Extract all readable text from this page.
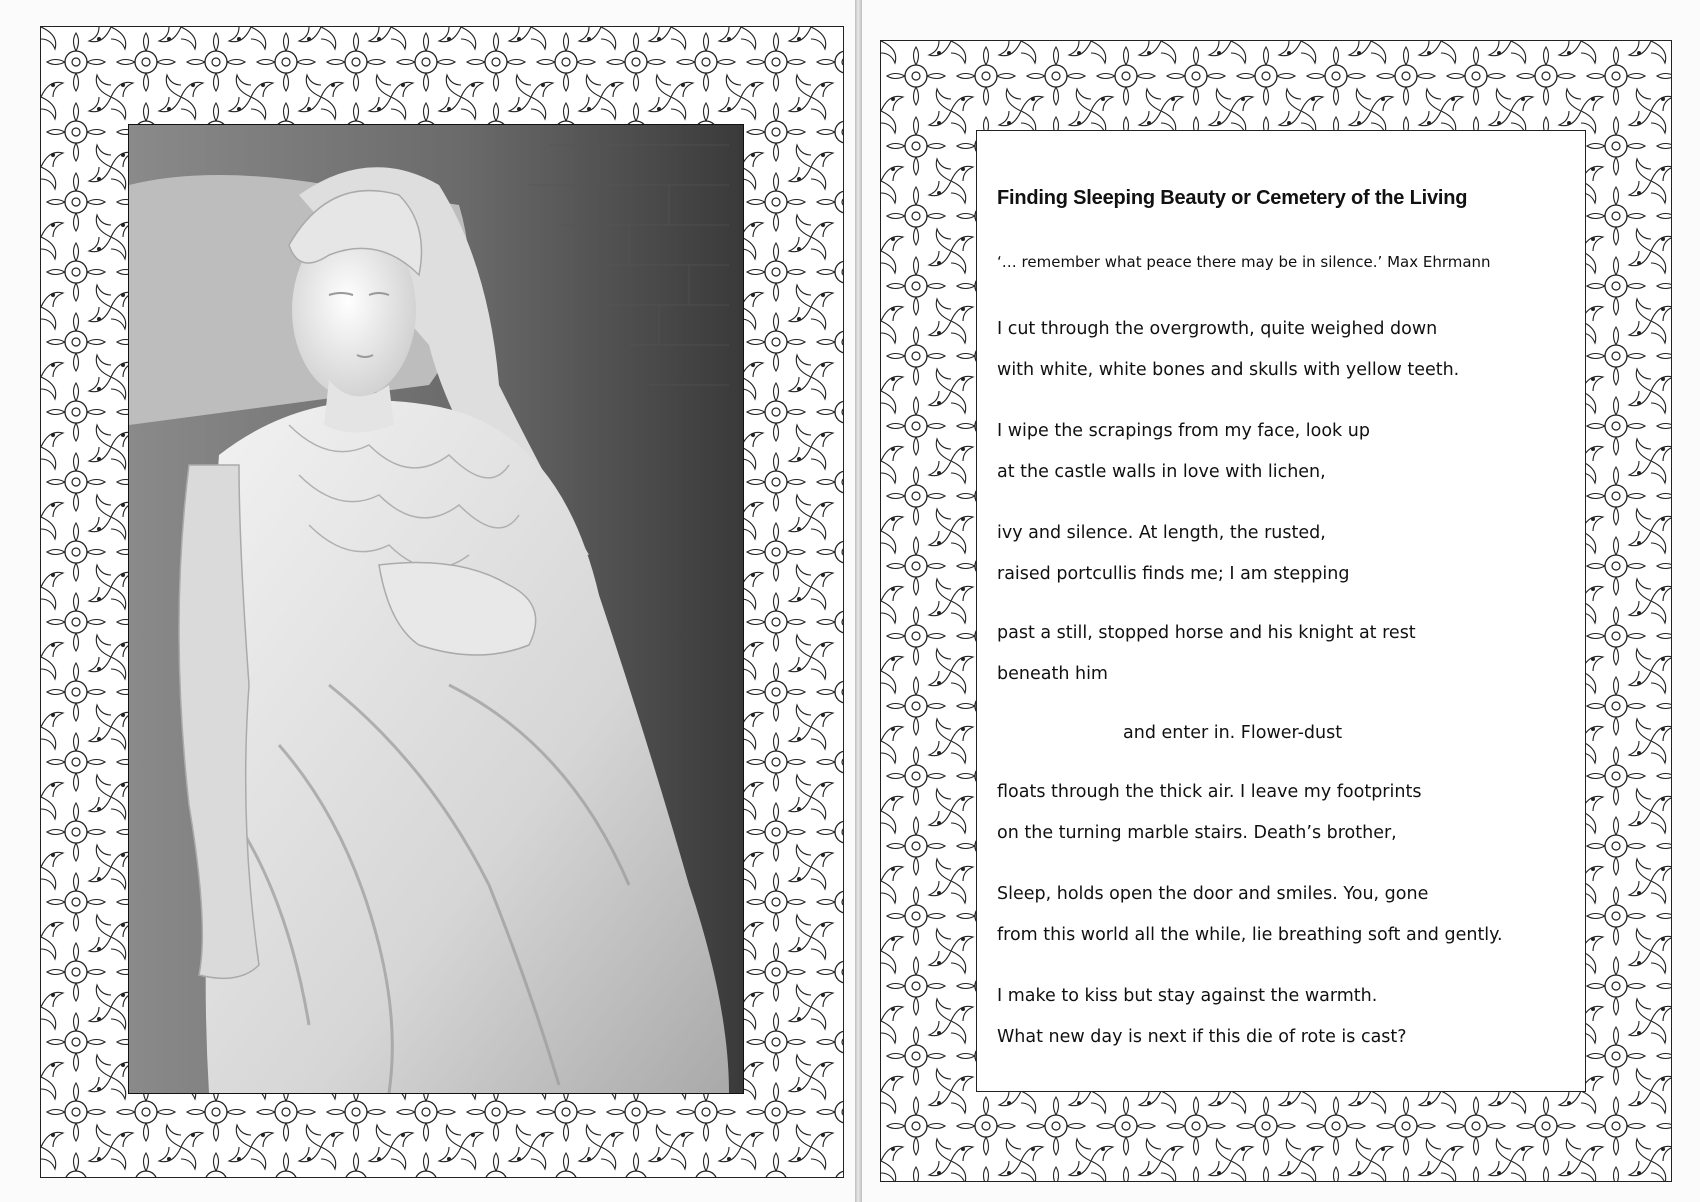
Finding Sleeping Beauty or Cemetery of the Living
‘… remember what peace there may be in silence.’ Max Ehrmann
I cut through the overgrowth, quite weighed down
with white, white bones and skulls with yellow teeth.
I wipe the scrapings from my face, look up
at the castle walls in love with lichen,
ivy and silence. At length, the rusted,
raised portcullis finds me; I am stepping
past a still, stopped horse and his knight at rest
beneath him
and enter in. Flower-dust
floats through the thick air. I leave my footprints
on the turning marble stairs. Death’s brother,
Sleep, holds open the door and smiles. You, gone
from this world all the while, lie breathing soft and gently.
I make to kiss but stay against the warmth.
What new day is next if this die of rote is cast?
